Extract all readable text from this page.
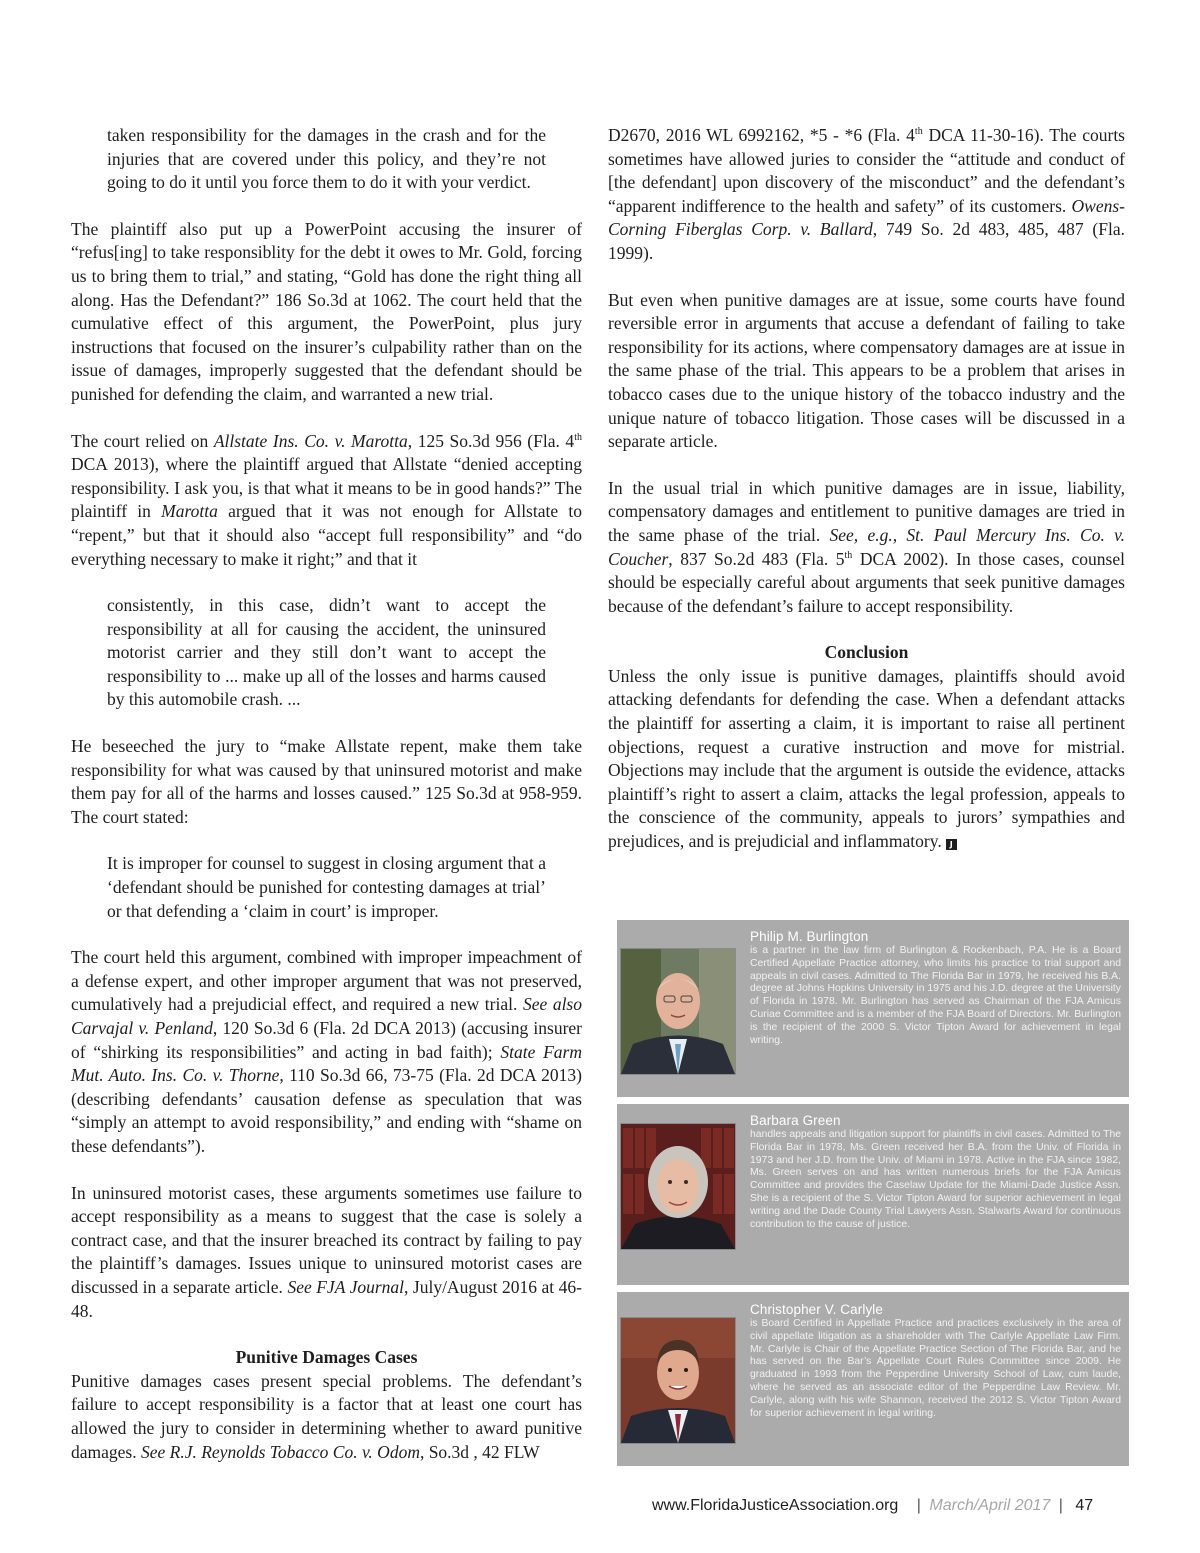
taken responsibility for the damages in the crash and for the injuries that are covered under this policy, and they’re not going to do it until you force them to do it with your verdict.

The plaintiff also put up a PowerPoint accusing the insurer of “refus[ing] to take responsiblity for the debt it owes to Mr. Gold, forcing us to bring them to trial,” and stating, “Gold has done the right thing all along. Has the Defendant?” 186 So.3d at 1062. The court held that the cumulative effect of this argument, the PowerPoint, plus jury instructions that focused on the insurer’s culpability rather than on the issue of damages, improperly suggested that the defendant should be punished for defending the claim, and warranted a new trial.

The court relied on Allstate Ins. Co. v. Marotta, 125 So.3d 956 (Fla. 4th DCA 2013), where the plaintiff argued that Allstate “denied accepting responsibility. I ask you, is that what it means to be in good hands?” The plaintiff in Marotta argued that it was not enough for Allstate to “repent,” but that it should also “accept full responsibility” and “do everything necessary to make it right;” and that it

consistently, in this case, didn’t want to accept the responsibility at all for causing the accident, the uninsured motorist carrier and they still don’t want to accept the responsibility to ... make up all of the losses and harms caused by this automobile crash. ...

He beseeched the jury to “make Allstate repent, make them take responsibility for what was caused by that uninsured motorist and make them pay for all of the harms and losses caused.” 125 So.3d at 958-959. The court stated:

It is improper for counsel to suggest in closing argument that a ‘defendant should be punished for contesting damages at trial’ or that defending a ‘claim in court’ is improper.

The court held this argument, combined with improper impeachment of a defense expert, and other improper argument that was not preserved, cumulatively had a prejudicial effect, and required a new trial. See also Carvajal v. Penland, 120 So.3d 6 (Fla. 2d DCA 2013) (accusing insurer of “shirking its responsibilities” and acting in bad faith); State Farm Mut. Auto. Ins. Co. v. Thorne, 110 So.3d 66, 73-75 (Fla. 2d DCA 2013) (describing defendants’ causation defense as speculation that was “simply an attempt to avoid responsibility,” and ending with “shame on these defendants”).

In uninsured motorist cases, these arguments sometimes use failure to accept responsibility as a means to suggest that the case is solely a contract case, and that the insurer breached its contract by failing to pay the plaintiff’s damages. Issues unique to uninsured motorist cases are discussed in a separate article. See FJA Journal, July/August 2016 at 46-48.

Punitive Damages Cases

Punitive damages cases present special problems. The defendant’s failure to accept responsibility is a factor that at least one court has allowed the jury to consider in determining whether to award punitive damages. See R.J. Reynolds Tobacco Co. v. Odom, So.3d , 42 FLW

D2670, 2016 WL 6992162, *5 - *6 (Fla. 4th DCA 11-30-16). The courts sometimes have allowed juries to consider the “attitude and conduct of [the defendant] upon discovery of the misconduct” and the defendant’s “apparent indifference to the health and safety” of its customers. Owens-Corning Fiberglas Corp. v. Ballard, 749 So. 2d 483, 485, 487 (Fla. 1999).

But even when punitive damages are at issue, some courts have found reversible error in arguments that accuse a defendant of failing to take responsibility for its actions, where compensatory damages are at issue in the same phase of the trial. This appears to be a problem that arises in tobacco cases due to the unique history of the tobacco industry and the unique nature of tobacco litigation. Those cases will be discussed in a separate article.

In the usual trial in which punitive damages are in issue, liability, compensatory damages and entitlement to punitive damages are tried in the same phase of the trial. See, e.g., St. Paul Mercury Ins. Co. v. Coucher, 837 So.2d 483 (Fla. 5th DCA 2002). In those cases, counsel should be especially careful about arguments that seek punitive damages because of the defendant’s failure to accept responsibility.

Conclusion

Unless the only issue is punitive damages, plaintiffs should avoid attacking defendants for defending the case. When a defendant attacks the plaintiff for asserting a claim, it is important to raise all pertinent objections, request a curative instruction and move for mistrial. Objections may include that the argument is outside the evidence, attacks plaintiff’s right to assert a claim, attacks the legal profession, appeals to the conscience of the community, appeals to jurors’ sympathies and prejudices, and is prejudicial and inflammatory. J

Philip M. Burlington
is a partner in the law firm of Burlington & Rockenbach, P.A. He is a Board Certified Appellate Practice attorney, who limits his practice to trial support and appeals in civil cases. Admitted to The Florida Bar in 1979, he received his B.A. degree at Johns Hopkins University in 1975 and his J.D. degree at the University of Florida in 1978. Mr. Burlington has served as Chairman of the FJA Amicus Curiae Committee and is a member of the FJA Board of Directors. Mr. Burlington is the recipient of the 2000 S. Victor Tipton Award for achievement in legal writing.
Barbara Green
handles appeals and litigation support for plaintiffs in civil cases. Admitted to The Florida Bar in 1978, Ms. Green received her B.A. from the Univ. of Florida in 1973 and her J.D. from the Univ. of Miami in 1978. Active in the FJA since 1982, Ms. Green serves on and has written numerous briefs for the FJA Amicus Committee and provides the Caselaw Update for the Miami-Dade Justice Assn. She is a recipient of the S. Victor Tipton Award for superior achievement in legal writing and the Dade County Trial Lawyers Assn. Stalwarts Award for continuous contribution to the cause of justice.
Christopher V. Carlyle
is Board Certified in Appellate Practice and practices exclusively in the area of civil appellate litigation as a shareholder with The Carlyle Appellate Law Firm. Mr. Carlyle is Chair of the Appellate Practice Section of The Florida Bar, and he has served on the Bar’s Appellate Court Rules Committee since 2009. He graduated in 1993 from the Pepperdine University School of Law, cum laude, where he served as an associate editor of the Pepperdine Law Review. Mr. Carlyle, along with his wife Shannon, received the 2012 S. Victor Tipton Award for superior achievement in legal writing.
www.FloridaJusticeAssociation.org | March/April 2017 | 47
